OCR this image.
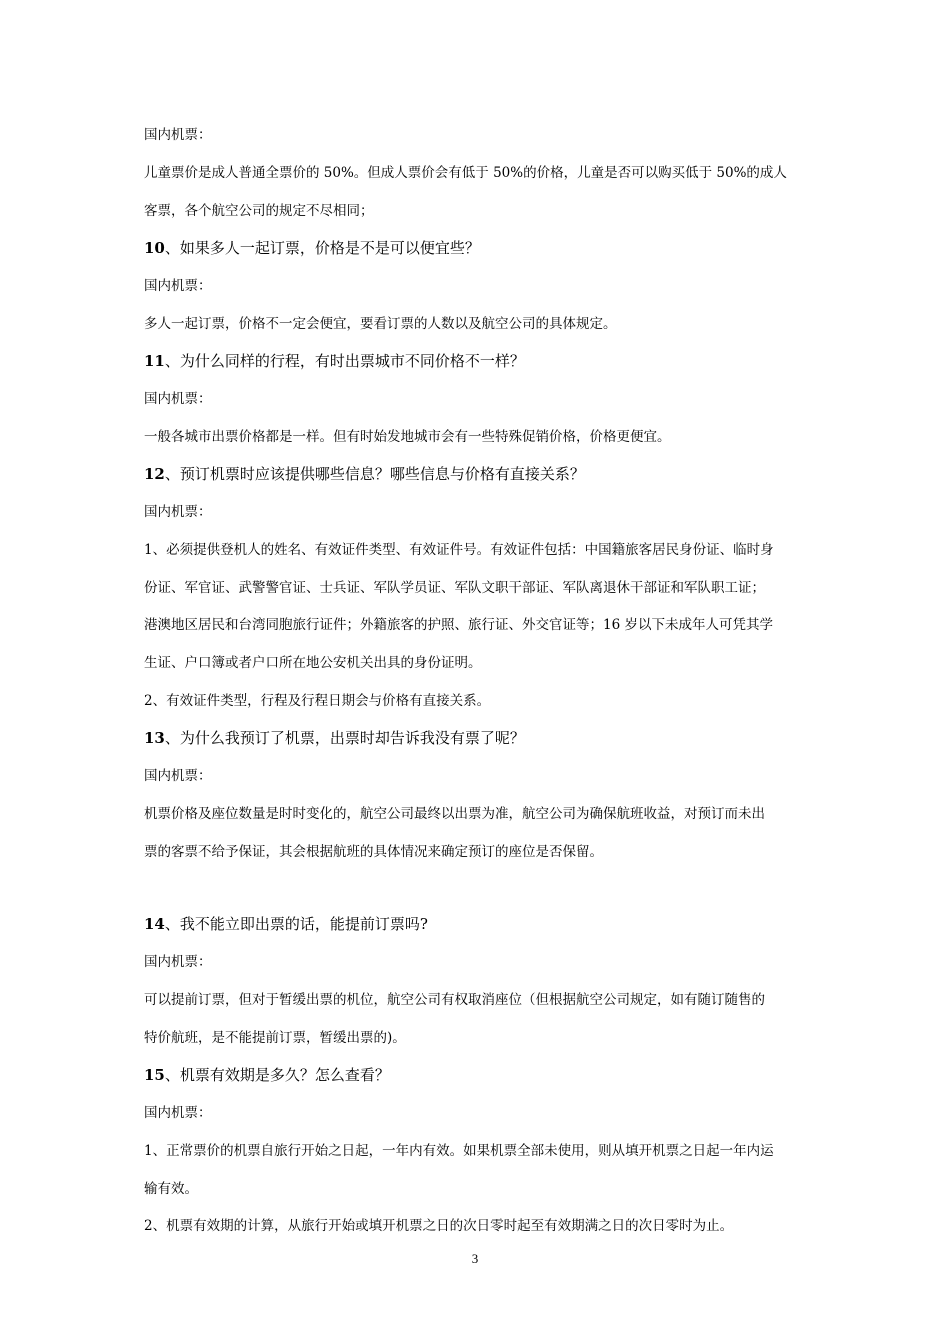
国内机票：
儿童票价是成人普通全票价的 50%。但成人票价会有低于 50%的价格，儿童是否可以购买低于 50%的成人
客票，各个航空公司的规定不尽相同；
10、如果多人一起订票，价格是不是可以便宜些？
国内机票：
多人一起订票，价格不一定会便宜，要看订票的人数以及航空公司的具体规定。
11、为什么同样的行程，有时出票城市不同价格不一样？
国内机票：
一般各城市出票价格都是一样。但有时始发地城市会有一些特殊促销价格，价格更便宜。
12、预订机票时应该提供哪些信息？哪些信息与价格有直接关系？
国内机票：
1、必须提供登机人的姓名、有效证件类型、有效证件号。有效证件包括：中国籍旅客居民身份证、临时身
份证、军官证、武警警官证、士兵证、军队学员证、军队文职干部证、军队离退休干部证和军队职工证；
港澳地区居民和台湾同胞旅行证件；外籍旅客的护照、旅行证、外交官证等；16 岁以下未成年人可凭其学
生证、户口簿或者户口所在地公安机关出具的身份证明。
2、有效证件类型，行程及行程日期会与价格有直接关系。
13、为什么我预订了机票，出票时却告诉我没有票了呢？
国内机票：
机票价格及座位数量是时时变化的，航空公司最终以出票为准，航空公司为确保航班收益，对预订而未出
票的客票不给予保证，其会根据航班的具体情况来确定预订的座位是否保留。
14、我不能立即出票的话，能提前订票吗?
国内机票：
可以提前订票，但对于暂缓出票的机位，航空公司有权取消座位（但根据航空公司规定，如有随订随售的
特价航班，是不能提前订票，暂缓出票的)。
15、机票有效期是多久？怎么查看？
国内机票：
1、正常票价的机票自旅行开始之日起，一年内有效。如果机票全部未使用，则从填开机票之日起一年内运
输有效。
2、机票有效期的计算，从旅行开始或填开机票之日的次日零时起至有效期满之日的次日零时为止。
3
